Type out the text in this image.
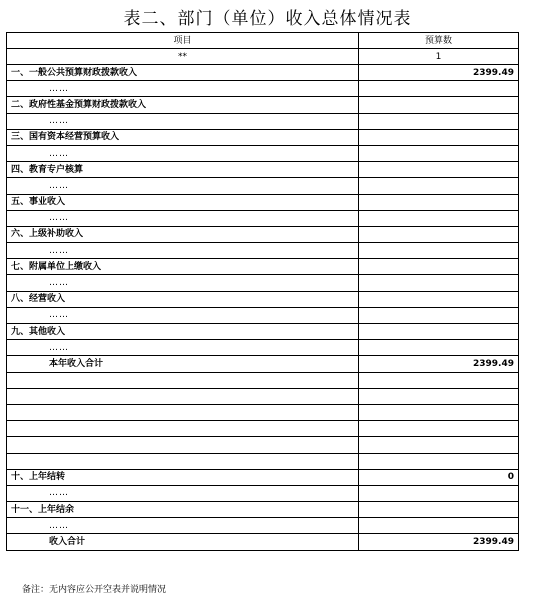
表二、部门（单位）收入总体情况表
项目	预算数
**	1
一、一般公共预算财政拨款收入	2399.49
……	
二、政府性基金预算财政拨款收入	
……	
三、国有资本经营预算收入	
……	
四、教育专户核算	
……	
五、事业收入	
……	
六、上级补助收入	
……	
七、附属单位上缴收入	
……	
八、经营收入	
……	
九、其他收入	
……	
本年收入合计	2399.49

十、上年结转	0
……	
十一、上年结余	
……	
收入合计	2399.49
备注：无内容应公开空表并说明情况
